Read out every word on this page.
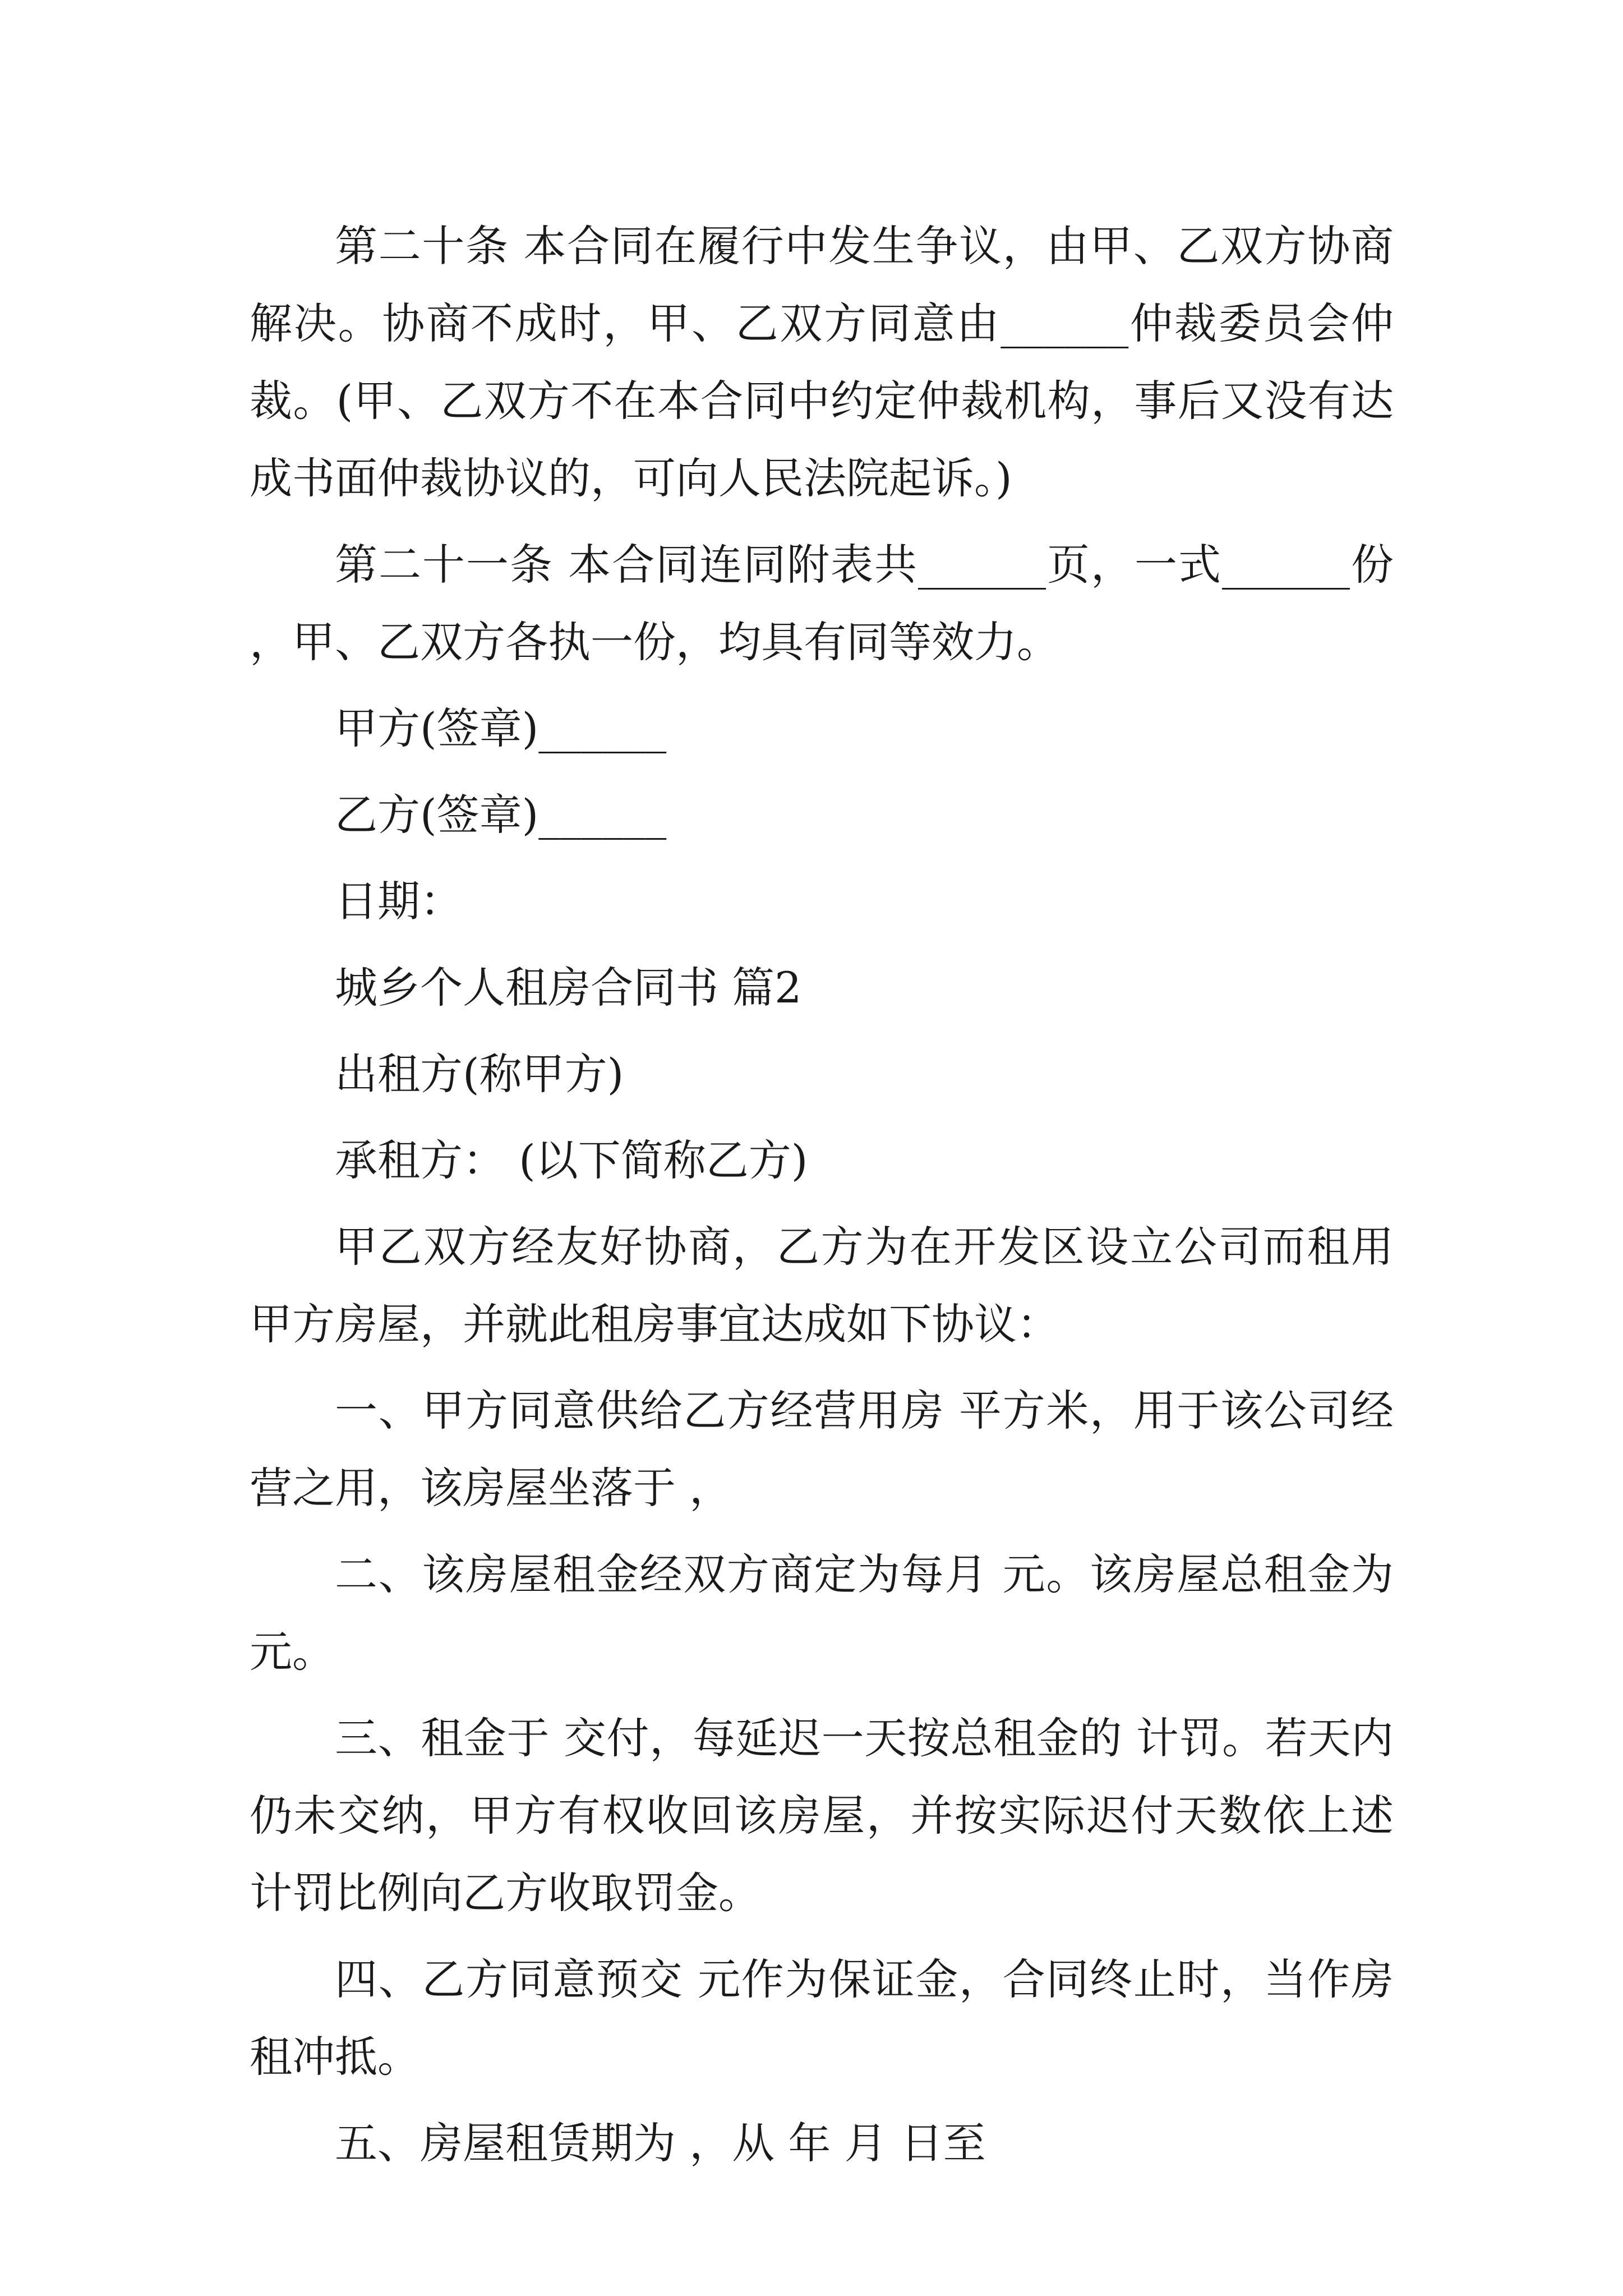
第二十条 本合同在履行中发生争议，由甲、乙双方协商解决。协商不成时，甲、乙双方同意由______仲裁委员会仲裁。(甲、乙双方不在本合同中约定仲裁机构，事后又没有达成书面仲裁协议的，可向人民法院起诉。)

第二十一条 本合同连同附表共______页，一式______份，甲、乙双方各执一份，均具有同等效力。

甲方(签章)______

乙方(签章)______

日期：

城乡个人租房合同书 篇2

出租方(称甲方)

承租方： (以下简称乙方)

甲乙双方经友好协商，乙方为在开发区设立公司而租用甲方房屋，并就此租房事宜达成如下协议：

一、甲方同意供给乙方经营用房 平方米，用于该公司经营之用，该房屋坐落于 ，

二、该房屋租金经双方商定为每月 元。该房屋总租金为 元。

三、租金于 交付，每延迟一天按总租金的 计罚。若天内仍未交纳，甲方有权收回该房屋，并按实际迟付天数依上述计罚比例向乙方收取罚金。

四、乙方同意预交 元作为保证金，合同终止时，当作房租冲抵。

五、房屋租赁期为 ，从 年 月 日至
